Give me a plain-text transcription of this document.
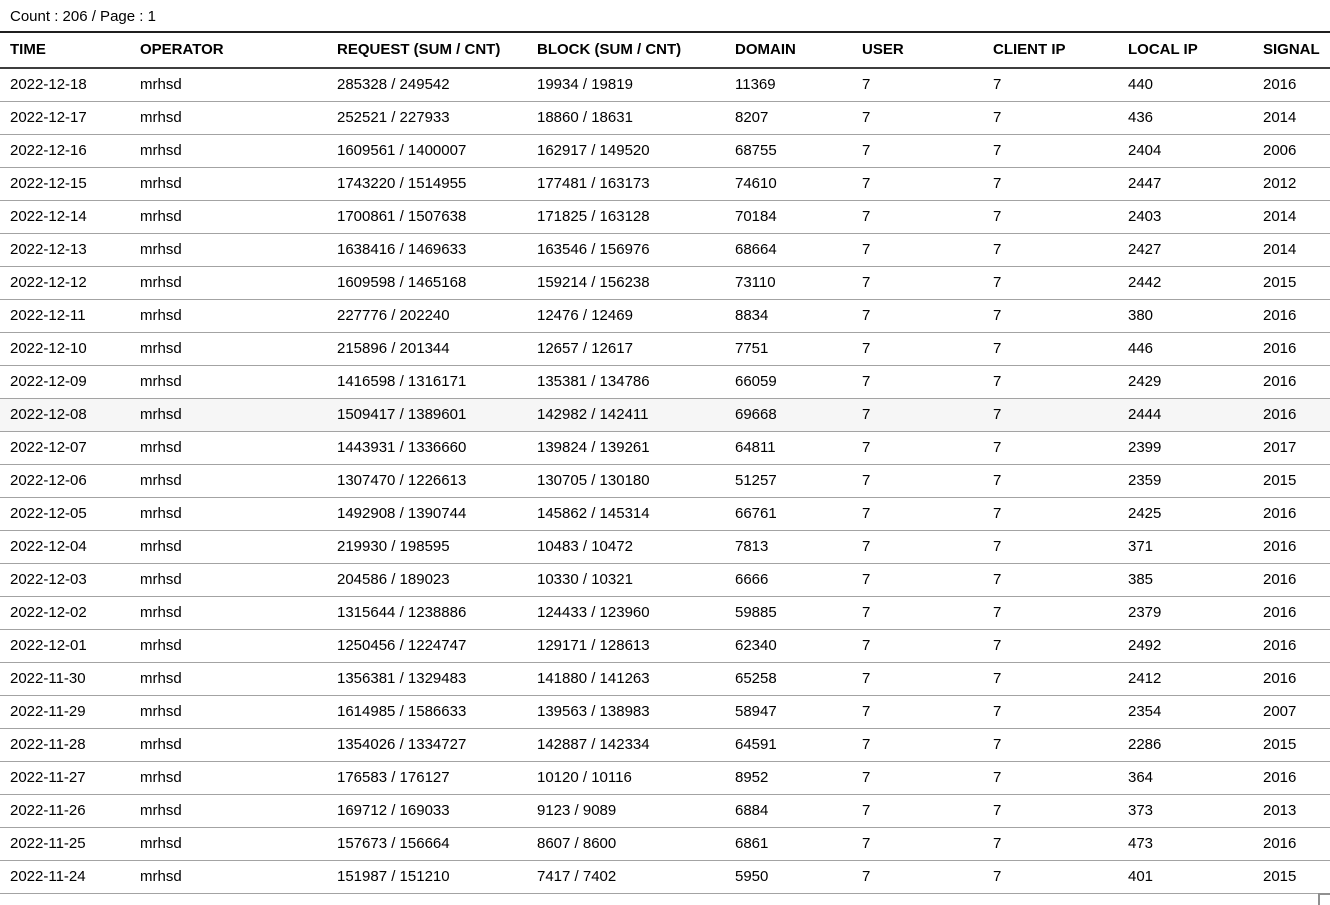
Count : 206 / Page : 1
TIME	OPERATOR	REQUEST (SUM / CNT)	BLOCK (SUM / CNT)	DOMAIN	USER	CLIENT IP	LOCAL IP	SIGNAL
2022-12-18	mrhsd	285328 / 249542	19934 / 19819	11369	7	7	440	2016
2022-12-17	mrhsd	252521 / 227933	18860 / 18631	8207	7	7	436	2014
2022-12-16	mrhsd	1609561 / 1400007	162917 / 149520	68755	7	7	2404	2006
2022-12-15	mrhsd	1743220 / 1514955	177481 / 163173	74610	7	7	2447	2012
2022-12-14	mrhsd	1700861 / 1507638	171825 / 163128	70184	7	7	2403	2014
2022-12-13	mrhsd	1638416 / 1469633	163546 / 156976	68664	7	7	2427	2014
2022-12-12	mrhsd	1609598 / 1465168	159214 / 156238	73110	7	7	2442	2015
2022-12-11	mrhsd	227776 / 202240	12476 / 12469	8834	7	7	380	2016
2022-12-10	mrhsd	215896 / 201344	12657 / 12617	7751	7	7	446	2016
2022-12-09	mrhsd	1416598 / 1316171	135381 / 134786	66059	7	7	2429	2016
2022-12-08	mrhsd	1509417 / 1389601	142982 / 142411	69668	7	7	2444	2016
2022-12-07	mrhsd	1443931 / 1336660	139824 / 139261	64811	7	7	2399	2017
2022-12-06	mrhsd	1307470 / 1226613	130705 / 130180	51257	7	7	2359	2015
2022-12-05	mrhsd	1492908 / 1390744	145862 / 145314	66761	7	7	2425	2016
2022-12-04	mrhsd	219930 / 198595	10483 / 10472	7813	7	7	371	2016
2022-12-03	mrhsd	204586 / 189023	10330 / 10321	6666	7	7	385	2016
2022-12-02	mrhsd	1315644 / 1238886	124433 / 123960	59885	7	7	2379	2016
2022-12-01	mrhsd	1250456 / 1224747	129171 / 128613	62340	7	7	2492	2016
2022-11-30	mrhsd	1356381 / 1329483	141880 / 141263	65258	7	7	2412	2016
2022-11-29	mrhsd	1614985 / 1586633	139563 / 138983	58947	7	7	2354	2007
2022-11-28	mrhsd	1354026 / 1334727	142887 / 142334	64591	7	7	2286	2015
2022-11-27	mrhsd	176583 / 176127	10120 / 10116	8952	7	7	364	2016
2022-11-26	mrhsd	169712 / 169033	9123 / 9089	6884	7	7	373	2013
2022-11-25	mrhsd	157673 / 156664	8607 / 8600	6861	7	7	473	2016
2022-11-24	mrhsd	151987 / 151210	7417 / 7402	5950	7	7	401	2015
